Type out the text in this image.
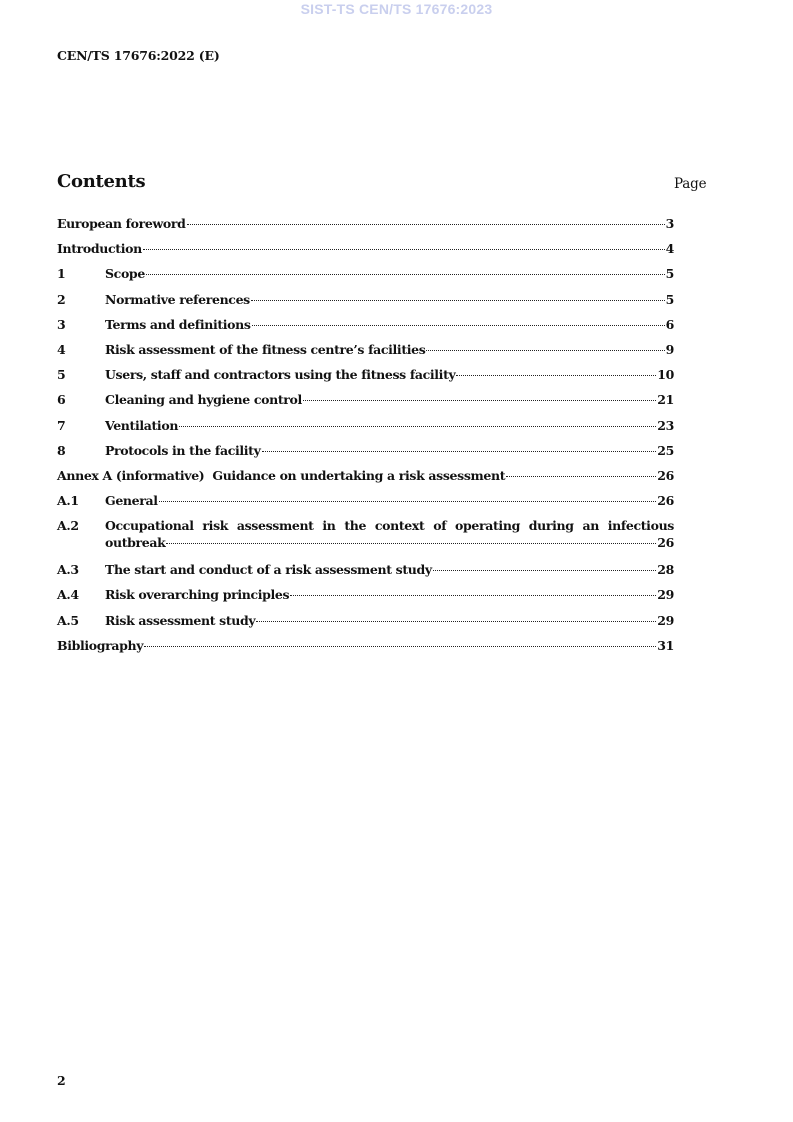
SIST-TS CEN/TS 17676:2023
CEN/TS 17676:2022 (E)
Contents	Page
European foreword	3
Introduction	4
1	Scope	5
2	Normative references	5
3	Terms and definitions	6
4	Risk assessment of the fitness centre’s facilities	9
5	Users, staff and contractors using the fitness facility	10
6	Cleaning and hygiene control	21
7	Ventilation	23
8	Protocols in the facility	25
Annex A (informative)  Guidance on undertaking a risk assessment	26
A.1	General	26
A.2	Occupational risk assessment in the context of operating during an infectious
outbreak	26
A.3	The start and conduct of a risk assessment study	28
A.4	Risk overarching principles	29
A.5	Risk assessment study	29
Bibliography	31
2
